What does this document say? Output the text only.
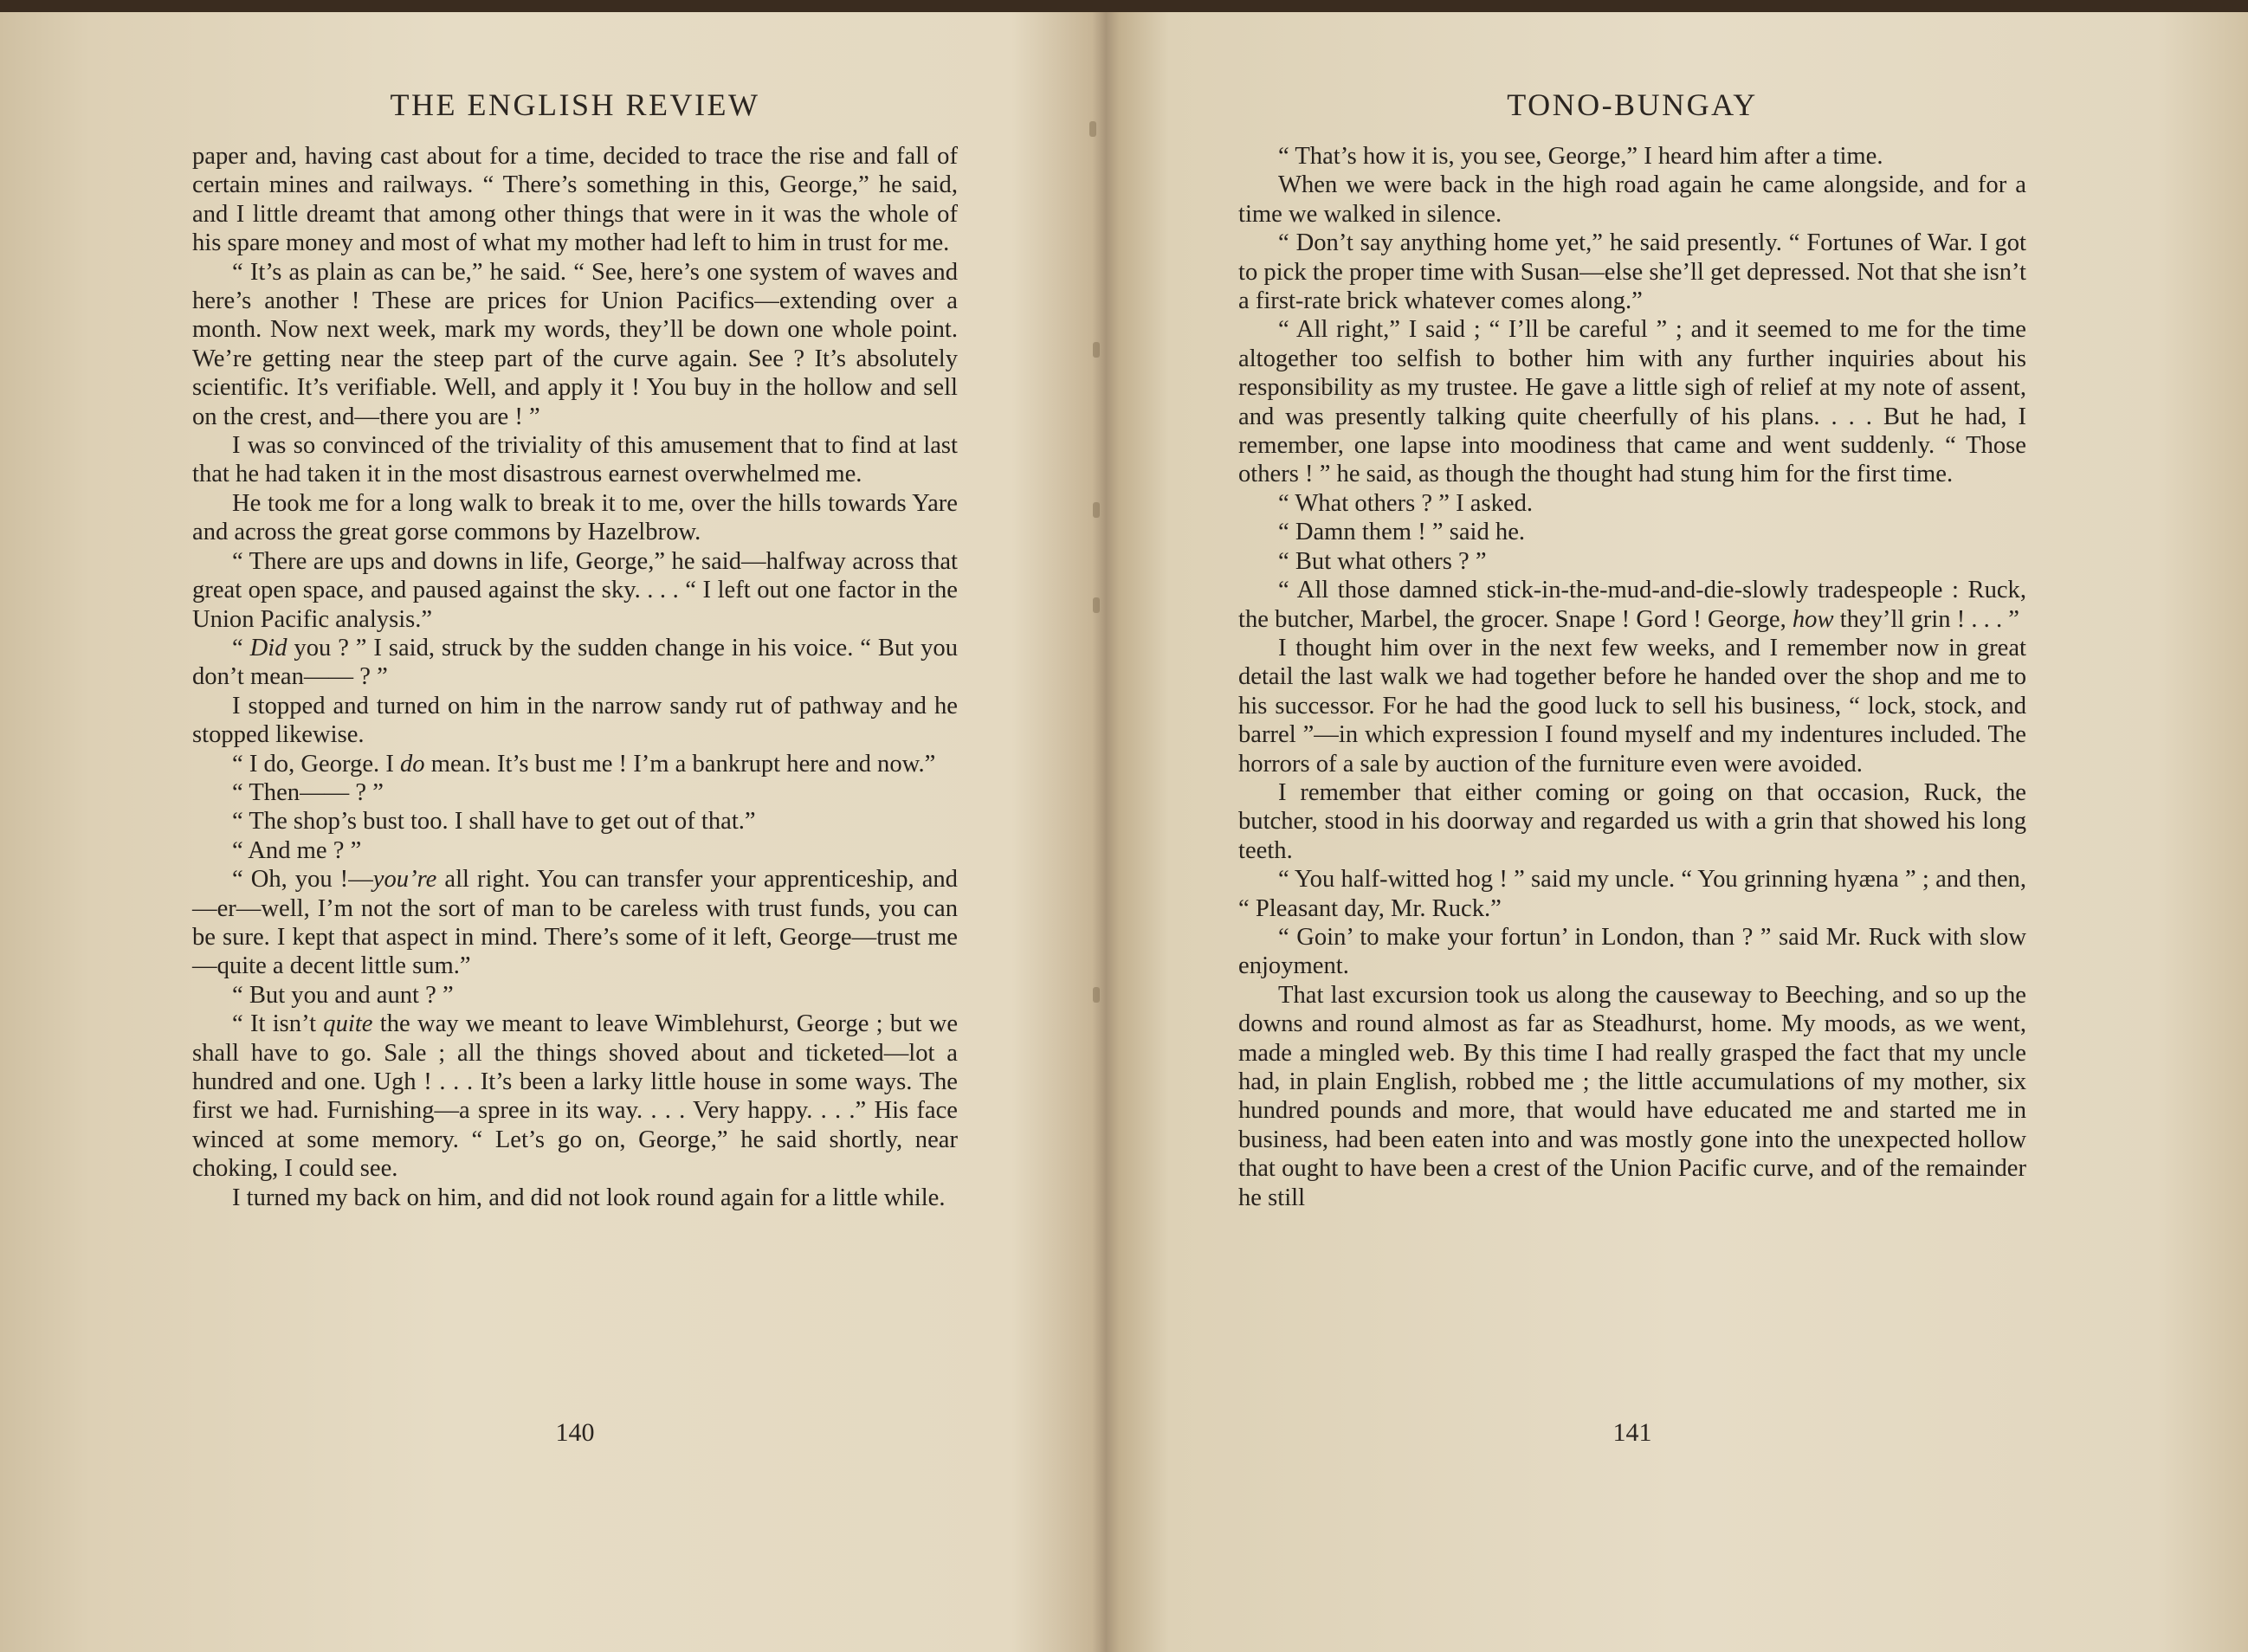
THE ENGLISH REVIEW

paper and, having cast about for a time, decided to trace the rise and fall of certain mines and railways. “ There’s something in this, George,” he said, and I little dreamt that among other things that were in it was the whole of his spare money and most of what my mother had left to him in trust for me.

“ It’s as plain as can be,” he said. “ See, here’s one system of waves and here’s another ! These are prices for Union Pacifics—extending over a month. Now next week, mark my words, they’ll be down one whole point. We’re getting near the steep part of the curve again. See ? It’s absolutely scientific. It’s verifiable. Well, and apply it ! You buy in the hollow and sell on the crest, and—there you are ! ”

I was so convinced of the triviality of this amusement that to find at last that he had taken it in the most disastrous earnest overwhelmed me.

He took me for a long walk to break it to me, over the hills towards Yare and across the great gorse commons by Hazelbrow.

“ There are ups and downs in life, George,” he said—halfway across that great open space, and paused against the sky. . . . “ I left out one factor in the Union Pacific analysis.”

“ Did you ? ” I said, struck by the sudden change in his voice. “ But you don’t mean—— ? ”

I stopped and turned on him in the narrow sandy rut of pathway and he stopped likewise.

“ I do, George. I do mean. It’s bust me ! I’m a bankrupt here and now.”

“ Then—— ? ”

“ The shop’s bust too. I shall have to get out of that.”

“ And me ? ”

“ Oh, you !—you’re all right. You can transfer your apprenticeship, and—er—well, I’m not the sort of man to be careless with trust funds, you can be sure. I kept that aspect in mind. There’s some of it left, George—trust me—quite a decent little sum.”

“ But you and aunt ? ”

“ It isn’t quite the way we meant to leave Wimblehurst, George ; but we shall have to go. Sale ; all the things shoved about and ticketed—lot a hundred and one. Ugh ! . . . It’s been a larky little house in some ways. The first we had. Furnishing—a spree in its way. . . . Very happy. . . .” His face winced at some memory. “ Let’s go on, George,” he said shortly, near choking, I could see.

I turned my back on him, and did not look round again for a little while.

140
TONO-BUNGAY

“ That’s how it is, you see, George,” I heard him after a time.

When we were back in the high road again he came alongside, and for a time we walked in silence.

“ Don’t say anything home yet,” he said presently. “ Fortunes of War. I got to pick the proper time with Susan—else she’ll get depressed. Not that she isn’t a first-rate brick whatever comes along.”

“ All right,” I said ; “ I’ll be careful ” ; and it seemed to me for the time altogether too selfish to bother him with any further inquiries about his responsibility as my trustee. He gave a little sigh of relief at my note of assent, and was presently talking quite cheerfully of his plans. . . . But he had, I remember, one lapse into moodiness that came and went suddenly. “ Those others ! ” he said, as though the thought had stung him for the first time.

“ What others ? ” I asked.

“ Damn them ! ” said he.

“ But what others ? ”

“ All those damned stick-in-the-mud-and-die-slowly tradespeople : Ruck, the butcher, Marbel, the grocer. Snape ! Gord ! George, how they’ll grin ! . . . ”

I thought him over in the next few weeks, and I remember now in great detail the last walk we had together before he handed over the shop and me to his successor. For he had the good luck to sell his business, “ lock, stock, and barrel ”—in which expression I found myself and my indentures included. The horrors of a sale by auction of the furniture even were avoided.

I remember that either coming or going on that occasion, Ruck, the butcher, stood in his doorway and regarded us with a grin that showed his long teeth.

“ You half-witted hog ! ” said my uncle. “ You grinning hyæna ” ; and then, “ Pleasant day, Mr. Ruck.”

“ Goin’ to make your fortun’ in London, than ? ” said Mr. Ruck with slow enjoyment.

That last excursion took us along the causeway to Beeching, and so up the downs and round almost as far as Steadhurst, home. My moods, as we went, made a mingled web. By this time I had really grasped the fact that my uncle had, in plain English, robbed me ; the little accumulations of my mother, six hundred pounds and more, that would have educated me and started me in business, had been eaten into and was mostly gone into the unexpected hollow that ought to have been a crest of the Union Pacific curve, and of the remainder he still

141
